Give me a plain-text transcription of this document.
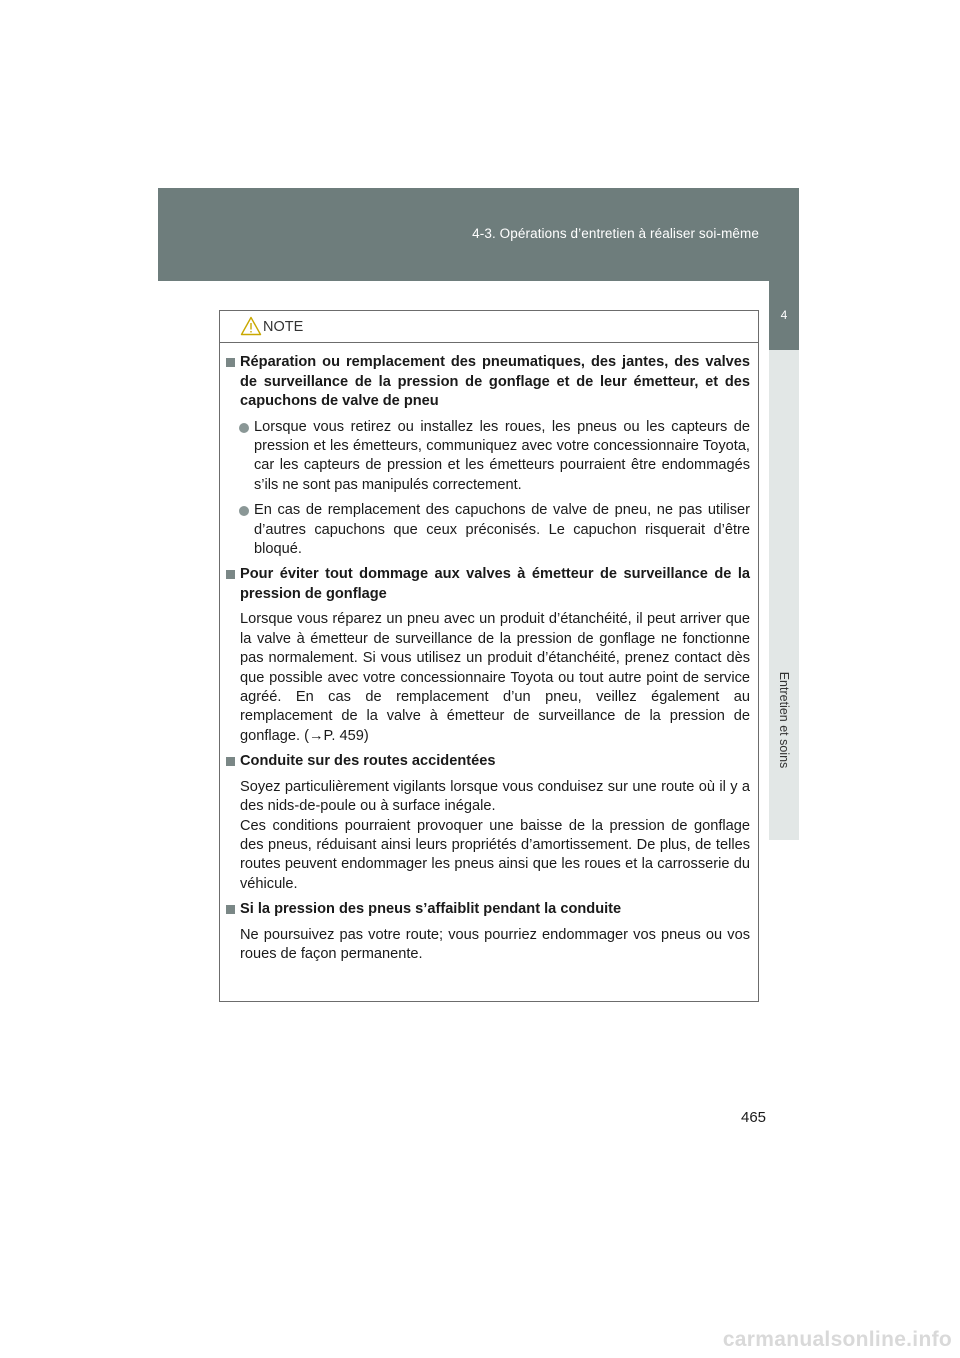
4-3. Opérations d’entretien à réaliser soi-même
4
Entretien et soins
NOTE
Réparation ou remplacement des pneumatiques, des jantes, des valves de surveillance de la pression de gonflage et de leur émetteur, et des capuchons de valve de pneu
Lorsque vous retirez ou installez les roues, les pneus ou les capteurs de pression et les émetteurs, communiquez avec votre concessionnaire Toyota, car les capteurs de pression et les émetteurs pourraient être endommagés s’ils ne sont pas manipulés correctement.
En cas de remplacement des capuchons de valve de pneu, ne pas utiliser d’autres capuchons que ceux préconisés. Le capuchon risquerait d’être bloqué.
Pour éviter tout dommage aux valves à émetteur de surveillance de la pression de gonflage
Lorsque vous réparez un pneu avec un produit d’étanchéité, il peut arriver que la valve à émetteur de surveillance de la pression de gonflage ne fonctionne pas normalement. Si vous utilisez un produit d’étanchéité, prenez contact dès que possible avec votre concessionnaire Toyota ou tout autre point de service agréé. En cas de remplacement d’un pneu, veillez également au remplacement de la valve à émetteur de surveillance de la pression de gonflage. (→P. 459)
Conduite sur des routes accidentées
Soyez particulièrement vigilants lorsque vous conduisez sur une route où il y a des nids-de-poule ou à surface inégale.
Ces conditions pourraient provoquer une baisse de la pression de gonflage des pneus, réduisant ainsi leurs propriétés d’amortissement. De plus, de telles routes peuvent endommager les pneus ainsi que les roues et la carrosserie du véhicule.
Si la pression des pneus s’affaiblit pendant la conduite
Ne poursuivez pas votre route; vous pourriez endommager vos pneus ou vos roues de façon permanente.
465
carmanualsonline.info
